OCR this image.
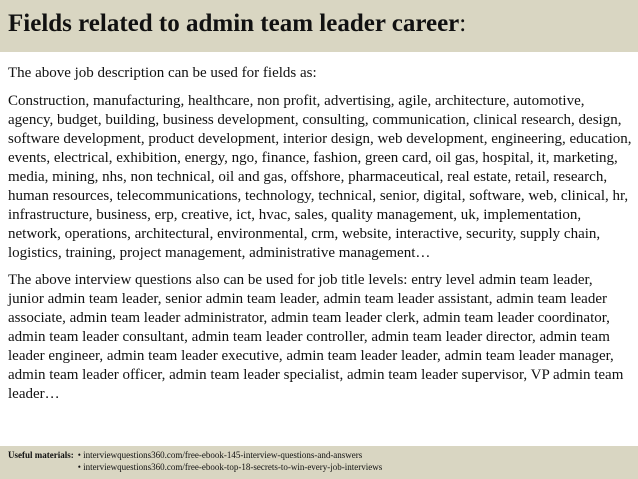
Fields related to admin team leader career:

The above job description can be used for fields as:

Construction, manufacturing, healthcare, non profit, advertising, agile, architecture, automotive, agency, budget, building, business development, consulting, communication, clinical research, design, software development, product development, interior design, web development, engineering, education, events, electrical, exhibition, energy, ngo, finance, fashion, green card, oil gas, hospital, it, marketing, media, mining, nhs, non technical, oil and gas, offshore, pharmaceutical, real estate, retail, research, human resources, telecommunications, technology, technical, senior, digital, software, web, clinical, hr, infrastructure, business, erp, creative, ict, hvac, sales, quality management, uk, implementation, network, operations, architectural, environmental, crm, website, interactive, security, supply chain, logistics, training, project management, administrative management…

The above interview questions also can be used for job title levels: entry level admin team leader, junior admin team leader, senior admin team leader, admin team leader assistant, admin team leader associate, admin team leader administrator, admin team leader clerk, admin team leader coordinator, admin team leader consultant, admin team leader controller, admin team leader director, admin team leader engineer, admin team leader executive, admin team leader leader, admin team leader manager, admin team leader officer, admin team leader specialist, admin team leader supervisor, VP admin team leader…

Useful materials: • interviewquestions360.com/free-ebook-145-interview-questions-and-answers
• interviewquestions360.com/free-ebook-top-18-secrets-to-win-every-job-interviews
